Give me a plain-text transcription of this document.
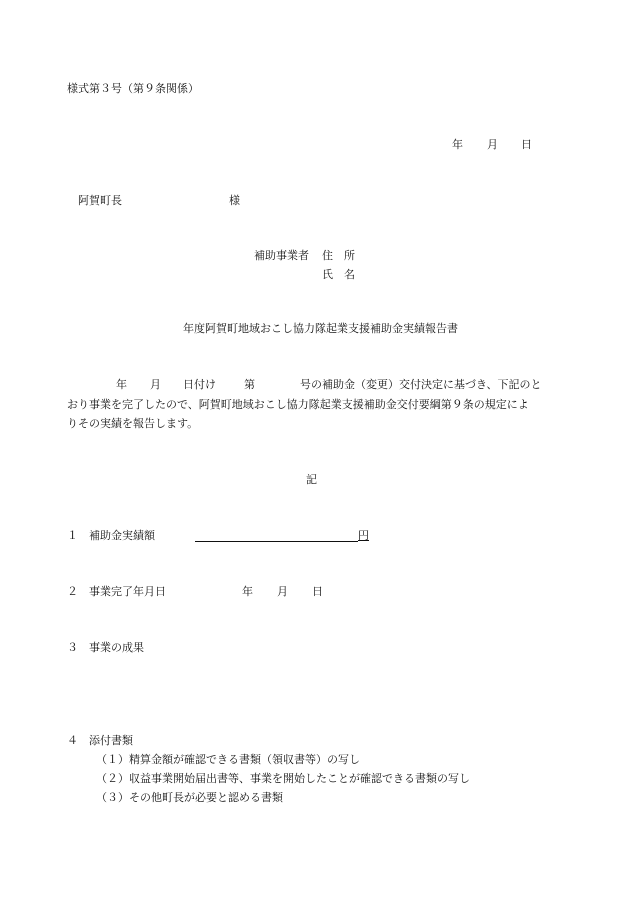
様式第３号（第９条関係）
年 月 日
阿賀町長	様
補助事業者 住　所
氏　名
年度阿賀町地域おこし協力隊起業支援補助金実績報告書
年 月 日付け	第	号の補助金（変更）交付決定に基づき、下記のと
おり事業を完了したので、阿賀町地域おこし協力隊起業支援補助金交付要綱第９条の規定によ
りその実績を報告します。
記
１ 補助金実績額	円
２ 事業完了年月日	年 月 日
３ 事業の成果
４ 添付書類
（１）精算金額が確認できる書類（領収書等）の写し
（２）収益事業開始届出書等、事業を開始したことが確認できる書類の写し
（３）その他町長が必要と認める書類
